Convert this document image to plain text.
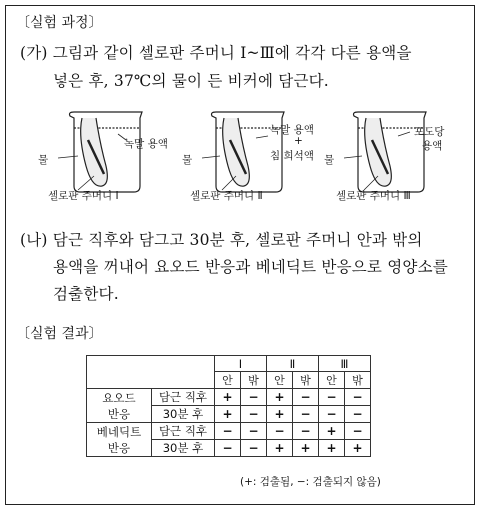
〔실험 과정〕
(가) 그림과 같이 셀로판 주머니 Ⅰ~Ⅲ에 각각 다른 용액을
넣은 후, 37℃의 물이 든 비커에 담근다.
녹말 용액
물
셀로판 주머니 Ⅰ
녹말 용액
+
침 희석액
물
셀로판 주머니 Ⅱ
포도당
용액
물
셀로판 주머니 Ⅲ
(나) 담근 직후와 담그고 30분 후, 셀로판 주머니 안과 밖의
용액을 꺼내어 요오드 반응과 베네딕트 반응으로 영양소를
검출한다.
〔실험 결과〕
		Ⅰ		Ⅱ		Ⅲ	
		안	밖	안	밖	안	밖
요오드
반응	담근 직후	+	−	+	−	−	−
	30분 후	+	−	+	−	−	−
베네딕트
반응	담근 직후	−	−	−	−	+	−
	30분 후	−	−	+	+	+	+
(+: 검출됨, −: 검출되지 않음)
